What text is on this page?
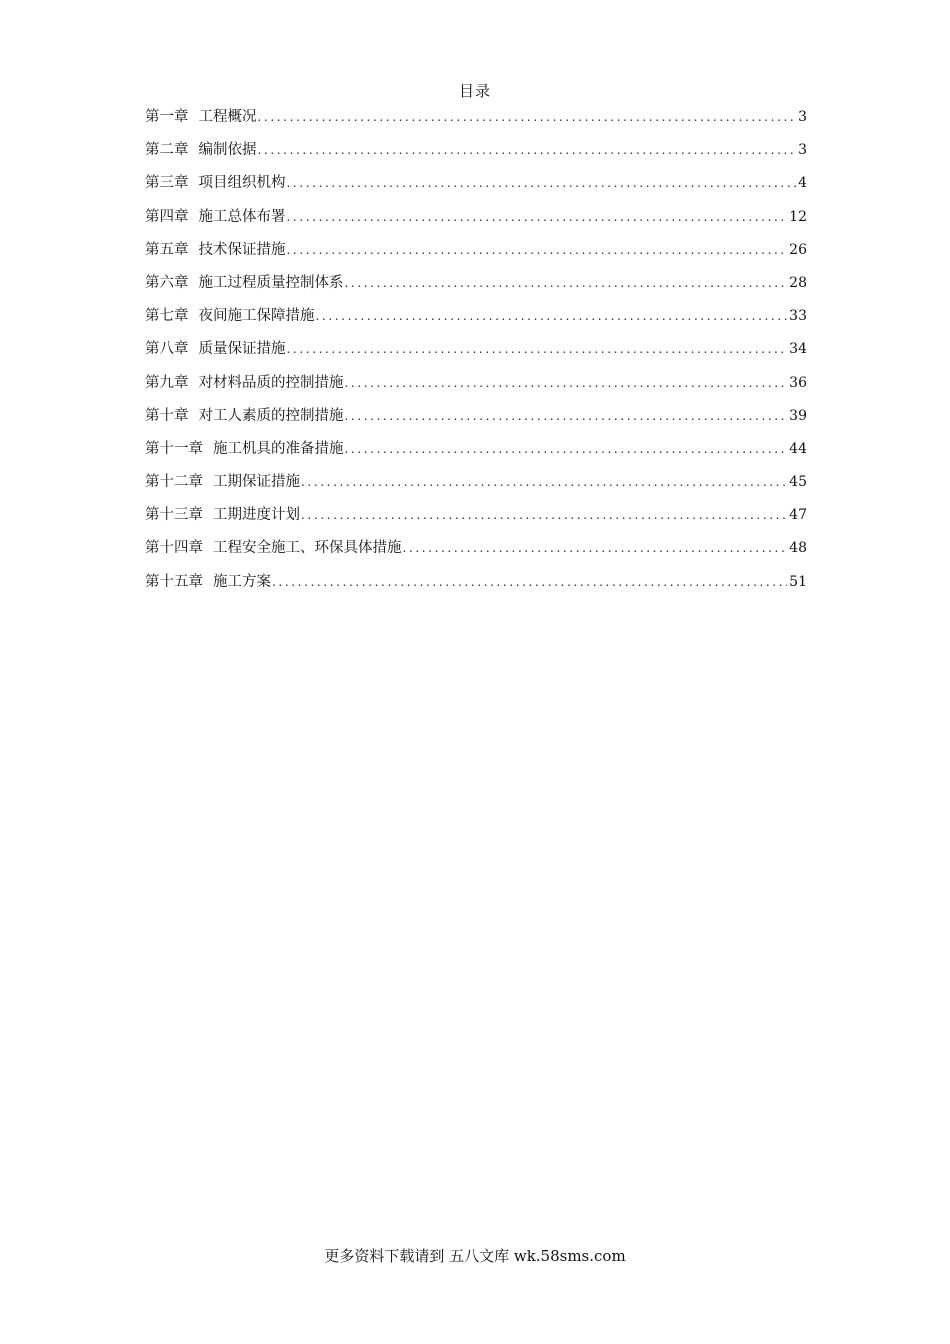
目录
第一章 工程概况 .....	3
第二章 编制依据 .....	3
第三章 项目组织机构 .....	4
第四章 施工总体布署 .....	12
第五章 技术保证措施 .....	26
第六章 施工过程质量控制体系 .....	28
第七章 夜间施工保障措施 .....	33
第八章 质量保证措施 .....	34
第九章 对材料品质的控制措施 .....	36
第十章 对工人素质的控制措施 .....	39
第十一章 施工机具的准备措施 .....	44
第十二章 工期保证措施 .....	45
第十三章 工期进度计划 .....	47
第十四章 工程安全施工、环保具体措施 .....	48
第十五章 施工方案 .....	51
更多资料下载请到 五八文库 wk.58sms.com
